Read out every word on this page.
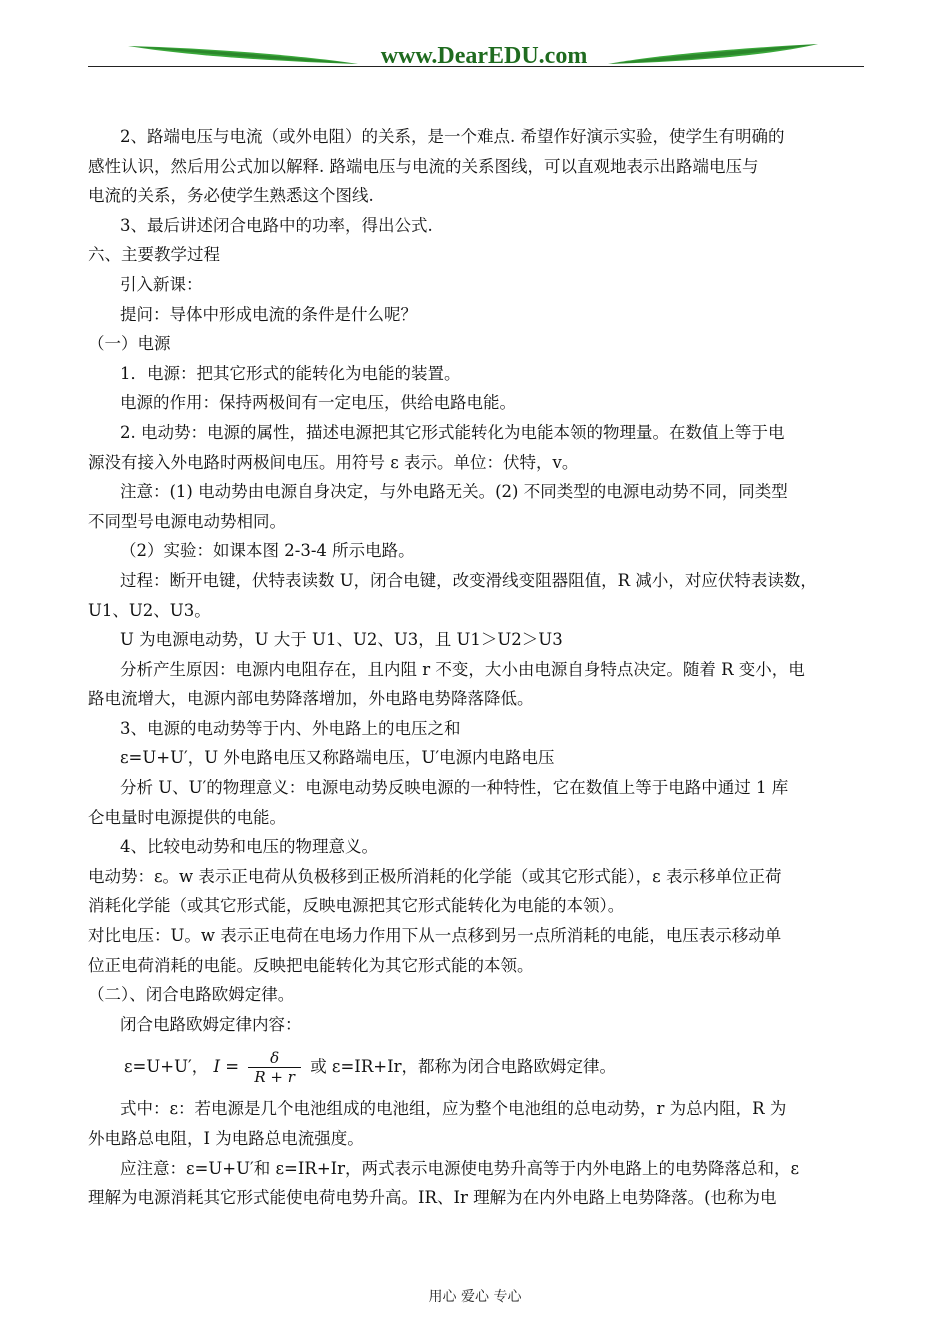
www.DearEDU.com
2、路端电压与电流（或外电阻）的关系，是一个难点. 希望作好演示实验，使学生有明确的
感性认识，然后用公式加以解释. 路端电压与电流的关系图线，可以直观地表示出路端电压与
电流的关系，务必使学生熟悉这个图线.
3、最后讲述闭合电路中的功率，得出公式.
六、主要教学过程
引入新课：
提问：导体中形成电流的条件是什么呢？
（一）电源
1．电源：把其它形式的能转化为电能的装置。
电源的作用：保持两极间有一定电压，供给电路电能。
2. 电动势：电源的属性，描述电源把其它形式能转化为电能本领的物理量。在数值上等于电
源没有接入外电路时两极间电压。用符号 ε 表示。单位：伏特，v。
注意：(1) 电动势由电源自身决定，与外电路无关。(2) 不同类型的电源电动势不同，同类型
不同型号电源电动势相同。
（2）实验：如课本图 2-3-4 所示电路。
过程：断开电键，伏特表读数 U，闭合电键，改变滑线变阻器阻值，R 减小，对应伏特表读数，
U1、U2、U3。
U 为电源电动势，U 大于 U1、U2、U3，且 U1＞U2＞U3
分析产生原因：电源内电阻存在，且内阻 r 不变，大小由电源自身特点决定。随着 R 变小，电
路电流增大，电源内部电势降落增加，外电路电势降落降低。
3、电源的电动势等于内、外电路上的电压之和
ε=U+U′，U 外电路电压又称路端电压，U′电源内电路电压
分析 U、U′的物理意义：电源电动势反映电源的一种特性，它在数值上等于电路中通过 1 库
仑电量时电源提供的电能。
4、比较电动势和电压的物理意义。
电动势：ε。w 表示正电荷从负极移到正极所消耗的化学能（或其它形式能），ε 表示移单位正荷
消耗化学能（或其它形式能，反映电源把其它形式能转化为电能的本领）。
对比电压：U。w 表示正电荷在电场力作用下从一点移到另一点所消耗的电能，电压表示移动单
位正电荷消耗的电能。反映把电能转化为其它形式能的本领。
（二）、闭合电路欧姆定律。
闭合电路欧姆定律内容：
ε=U+U′， $I = \frac{\delta}{R + r}$ 或 ε=IR+Ir，都称为闭合电路欧姆定律。
式中：ε：若电源是几个电池组成的电池组，应为整个电池组的总电动势，r 为总内阻，R 为
外电路总电阻，I 为电路总电流强度。
应注意：ε=U+U′和 ε=IR+Ir，两式表示电源使电势升高等于内外电路上的电势降落总和，ε
理解为电源消耗其它形式能使电荷电势升高。IR、Ir 理解为在内外电路上电势降落。(也称为电
用心 爱心 专心
